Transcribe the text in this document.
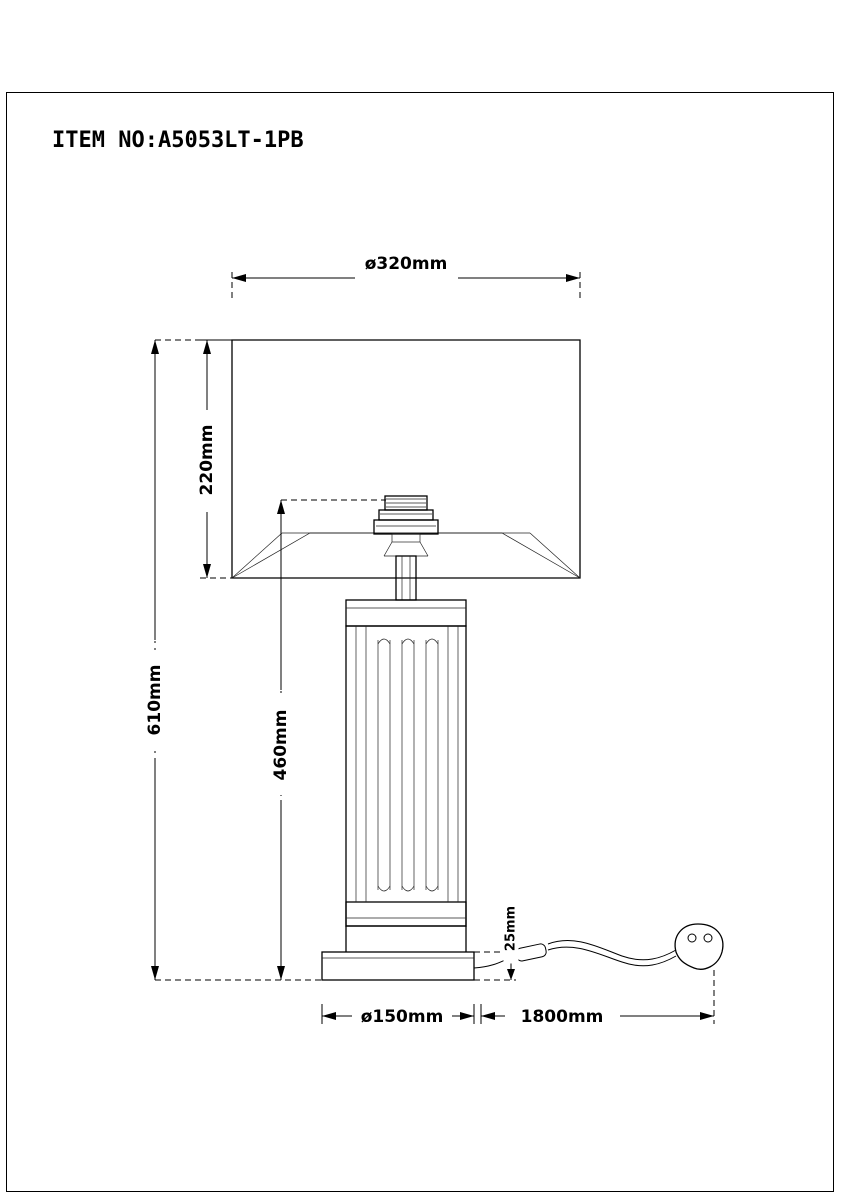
ITEM NO:A5053LT-1PB
ø320mm
220mm
610mm
460mm
25mm
ø150mm	1800mm
